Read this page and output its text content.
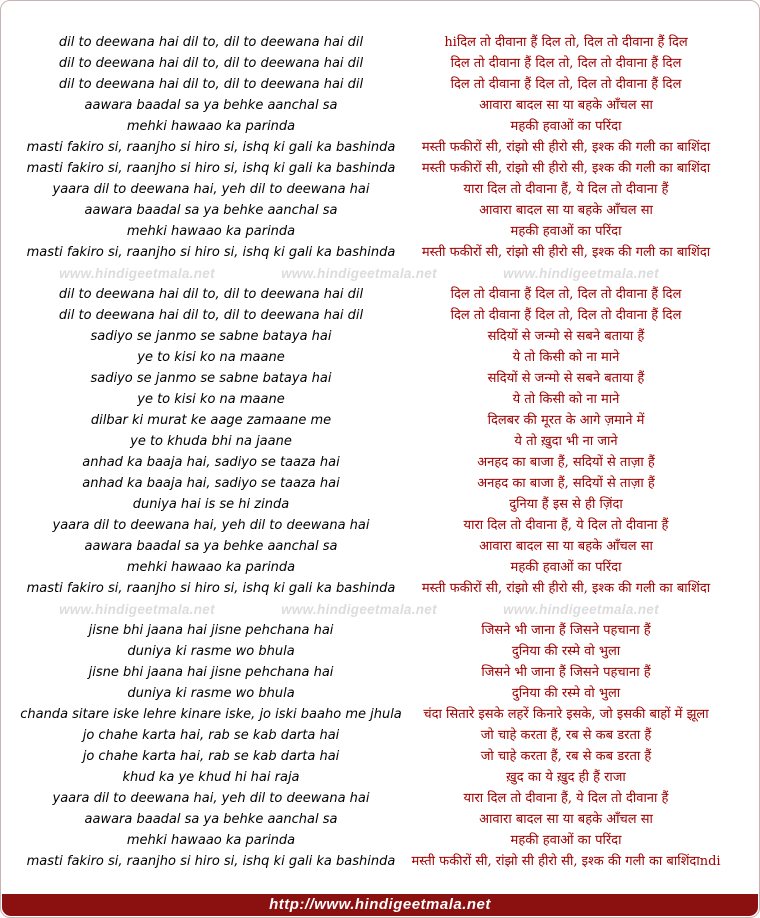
dil to deewana hai dil to, dil to deewana hai dil
dil to deewana hai dil to, dil to deewana hai dil
dil to deewana hai dil to, dil to deewana hai dil
aawara baadal sa ya behke aanchal sa
mehki hawaao ka parinda
masti fakiro si, raanjho si hiro si, ishq ki gali ka bashinda
masti fakiro si, raanjho si hiro si, ishq ki gali ka bashinda
yaara dil to deewana hai, yeh dil to deewana hai
aawara baadal sa ya behke aanchal sa
mehki hawaao ka parinda
masti fakiro si, raanjho si hiro si, ishq ki gali ka bashinda
dil to deewana hai dil to, dil to deewana hai dil
dil to deewana hai dil to, dil to deewana hai dil
sadiyo se janmo se sabne bataya hai
ye to kisi ko na maane
sadiyo se janmo se sabne bataya hai
ye to kisi ko na maane
dilbar ki murat ke aage zamaane me
ye to khuda bhi na jaane
anhad ka baaja hai, sadiyo se taaza hai
anhad ka baaja hai, sadiyo se taaza hai
duniya hai is se hi zinda
yaara dil to deewana hai, yeh dil to deewana hai
aawara baadal sa ya behke aanchal sa
mehki hawaao ka parinda
masti fakiro si, raanjho si hiro si, ishq ki gali ka bashinda
jisne bhi jaana hai jisne pehchana hai
duniya ki rasme wo bhula
jisne bhi jaana hai jisne pehchana hai
duniya ki rasme wo bhula
chanda sitare iske lehre kinare iske, jo iski baaho me jhula
jo chahe karta hai, rab se kab darta hai
jo chahe karta hai, rab se kab darta hai
khud ka ye khud hi hai raja
yaara dil to deewana hai, yeh dil to deewana hai
aawara baadal sa ya behke aanchal sa
mehki hawaao ka parinda
masti fakiro si, raanjho si hiro si, ishq ki gali ka bashinda
hiदिल तो दीवाना हैं दिल तो, दिल तो दीवाना हैं दिल
दिल तो दीवाना हैं दिल तो, दिल तो दीवाना हैं दिल
दिल तो दीवाना हैं दिल तो, दिल तो दीवाना हैं दिल
आवारा बादल सा या बहके आँचल सा
महकी हवाओं का परिंदा
मस्ती फकीरों सी, रांझो सी हीरो सी, इश्क की गली का बाशिंदा
मस्ती फकीरों सी, रांझो सी हीरो सी, इश्क की गली का बाशिंदा
यारा दिल तो दीवाना हैं, ये दिल तो दीवाना हैं
आवारा बादल सा या बहके आँचल सा
महकी हवाओं का परिंदा
मस्ती फकीरों सी, रांझो सी हीरो सी, इश्क की गली का बाशिंदा
दिल तो दीवाना हैं दिल तो, दिल तो दीवाना हैं दिल
दिल तो दीवाना हैं दिल तो, दिल तो दीवाना हैं दिल
सदियों से जन्मो से सबने बताया हैं
ये तो किसी को ना माने
सदियों से जन्मो से सबने बताया हैं
ये तो किसी को ना माने
दिलबर की मूरत के आगे ज़माने में
ये तो ख़ुदा भी ना जाने
अनहद का बाजा हैं, सदियों से ताज़ा हैं
अनहद का बाजा हैं, सदियों से ताज़ा हैं
दुनिया हैं इस से ही ज़िंदा
यारा दिल तो दीवाना हैं, ये दिल तो दीवाना हैं
आवारा बादल सा या बहके आँचल सा
महकी हवाओं का परिंदा
मस्ती फकीरों सी, रांझो सी हीरो सी, इश्क की गली का बाशिंदा
जिसने भी जाना हैं जिसने पहचाना हैं
दुनिया की रस्मे वो भुला
जिसने भी जाना हैं जिसने पहचाना हैं
दुनिया की रस्मे वो भुला
चंदा सितारे इसके लहरें किनारे इसके, जो इसकी बाहों में झूला
जो चाहे करता हैं, रब से कब डरता हैं
जो चाहे करता हैं, रब से कब डरता हैं
ख़ुद का ये ख़ुद ही हैं राजा
यारा दिल तो दीवाना हैं, ये दिल तो दीवाना हैं
आवारा बादल सा या बहके आँचल सा
महकी हवाओं का परिंदा
मस्ती फकीरों सी, रांझो सी हीरो सी, इश्क की गली का बाशिंदाndi
www.hindigeetmala.net	www.hindigeetmala.net	www.hindigeetmala.net
www.hindigeetmala.net	www.hindigeetmala.net	www.hindigeetmala.net
http://www.hindigeetmala.net
